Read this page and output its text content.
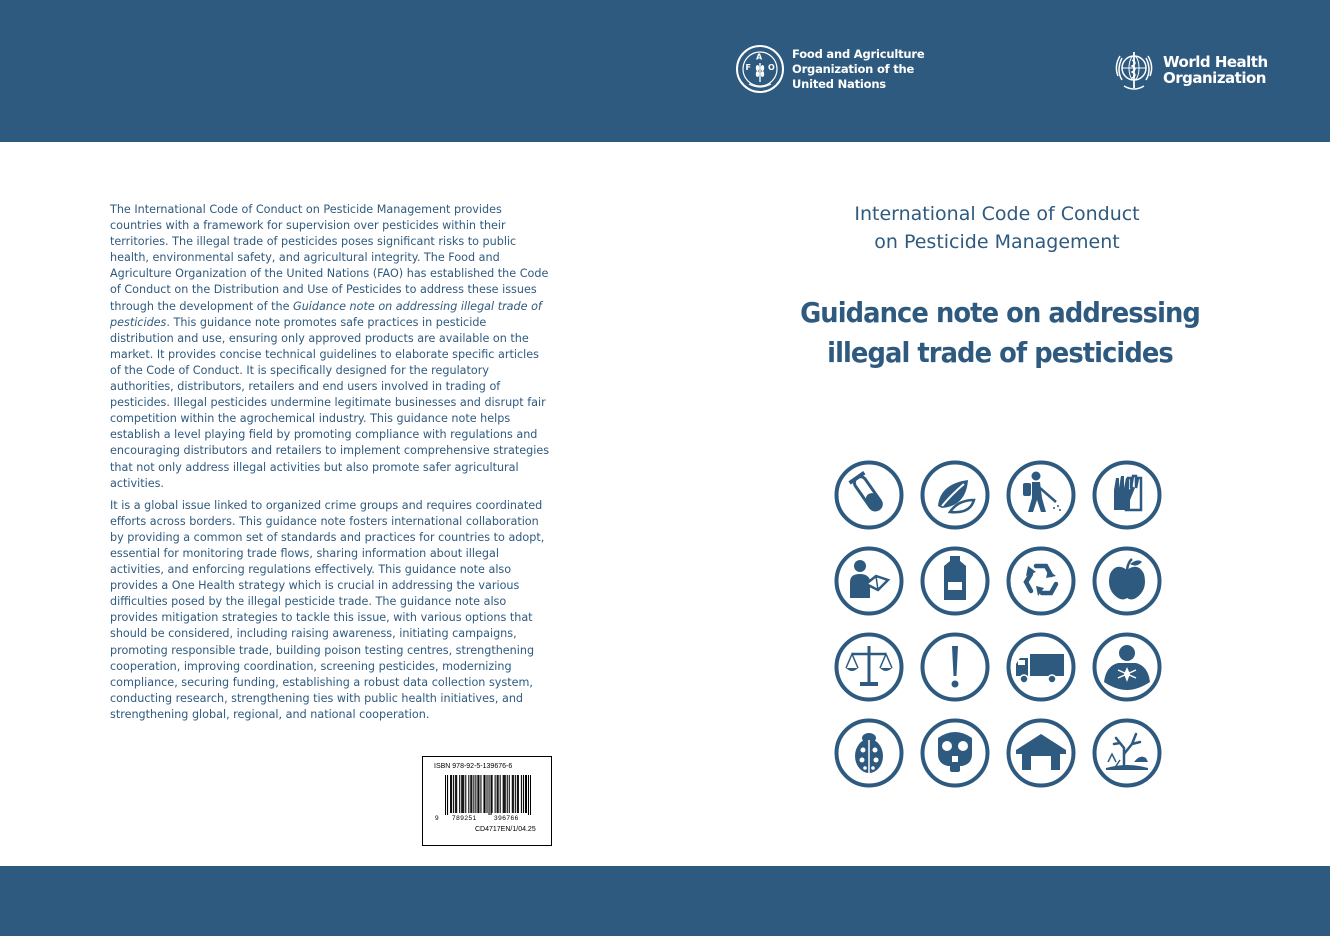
F
A
O
Food and Agriculture
Organization of the
United Nations
World Health
Organization

The International Code of Conduct on Pesticide Management provides countries with a framework for supervision over pesticides within their territories. The illegal trade of pesticides poses significant risks to public health, environmental safety, and agricultural integrity. The Food and Agriculture Organization of the United Nations (FAO) has established the Code of Conduct on the Distribution and Use of Pesticides to address these issues through the development of the Guidance note on addressing illegal trade of pesticides. This guidance note promotes safe practices in pesticide distribution and use, ensuring only approved products are available on the market. It provides concise technical guidelines to elaborate specific articles of the Code of Conduct. It is specifically designed for the regulatory authorities, distributors, retailers and end users involved in trading of pesticides. Illegal pesticides undermine legitimate businesses and disrupt fair competition within the agrochemical industry. This guidance note helps establish a level playing field by promoting compliance with regulations and encouraging distributors and retailers to implement comprehensive strategies that not only address illegal activities but also promote safer agricultural activities.

It is a global issue linked to organized crime groups and requires coordinated efforts across borders. This guidance note fosters international collaboration by providing a common set of standards and practices for countries to adopt, essential for monitoring trade flows, sharing information about illegal activities, and enforcing regulations effectively. This guidance note also provides a One Health strategy which is crucial in addressing the various difficulties posed by the illegal pesticide trade. The guidance note also provides mitigation strategies to tackle this issue, with various options that should be considered, including raising awareness, initiating campaigns, promoting responsible trade, building poison testing centres, strengthening cooperation, improving coordination, screening pesticides, modernizing compliance, securing funding, establishing a robust data collection system, conducting research, strengthening ties with public health initiatives, and strengthening global, regional, and national cooperation.

ISBN 978-92-5-139676-6
9 789251	396766
CD4717EN/1/04.25
International Code of Conduct
on Pesticide Management
Guidance note on addressing
illegal trade of pesticides
